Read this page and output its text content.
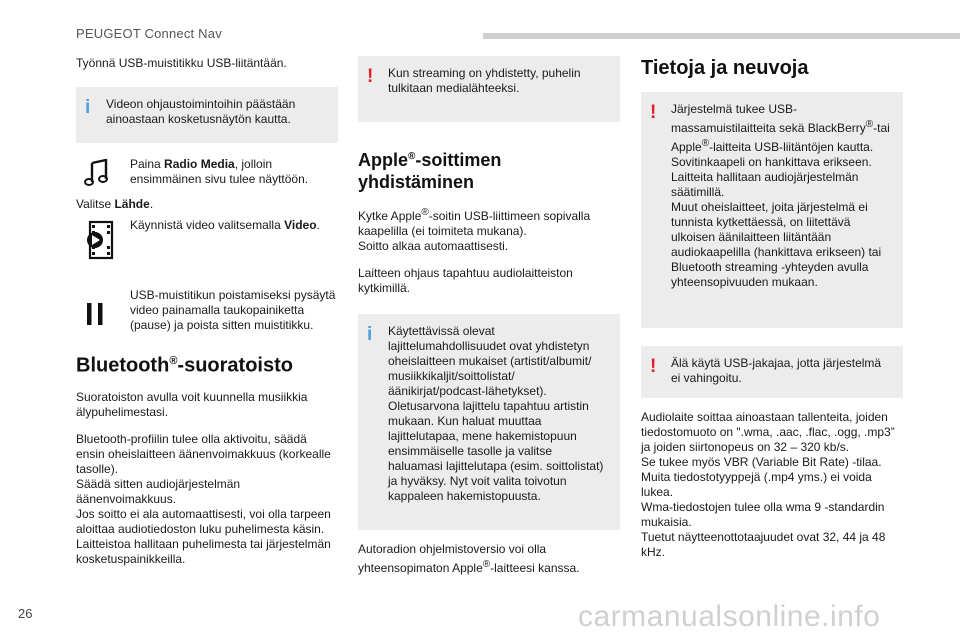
PEUGEOT Connect Nav

Työnnä USB-muistitikku USB-liitäntään.

i Videon ohjaustoimintoihin päästään ainoastaan kosketusnäytön kautta.

Paina Radio Media, jolloin ensimmäinen sivu tulee näyttöön.

Valitse Lähde.

Käynnistä video valitsemalla Video.

USB-muistitikun poistamiseksi pysäytä video painamalla taukopainiketta (pause) ja poista sitten muistitikku.

Bluetooth®-suoratoisto

Suoratoiston avulla voit kuunnella musiikkia älypuhelimestasi.

Bluetooth-profiilin tulee olla aktivoitu, säädä ensin oheislaitteen äänenvoimakkuus (korkealle tasolle).
Säädä sitten audiojärjestelmän äänenvoimakkuus.
Jos soitto ei ala automaattisesti, voi olla tarpeen aloittaa audiotiedoston luku puhelimesta käsin.
Laitteistoa hallitaan puhelimesta tai järjestelmän kosketuspainikkeilla.

! Kun streaming on yhdistetty, puhelin tulkitaan medialähteeksi.

Apple®-soittimen yhdistäminen

Kytke Apple®-soitin USB-liittimeen sopivalla kaapelilla (ei toimiteta mukana).
Soitto alkaa automaattisesti.

Laitteen ohjaus tapahtuu audiolaitteiston kytkimillä.

i Käytettävissä olevat lajittelumahdollisuudet ovat yhdistetyn oheislaitteen mukaiset (artistit/albumit/ musiikkikaljit/soittolistat/äänikirjat/podcast-lähetykset).
Oletusarvona lajittelu tapahtuu artistin mukaan. Kun haluat muuttaa lajittelutapaa, mene hakemistopuun ensimmäiselle tasolle ja valitse haluamasi lajittelutapa (esim. soittolistat) ja hyväksy. Nyt voit valita toivotun kappaleen hakemistopuusta.

Autoradion ohjelmistoversio voi olla yhteensopimaton Apple®-laitteesi kanssa.

Tietoja ja neuvoja
! Järjestelmä tukee USB-massamuistilaitteita sekä BlackBerry®-tai Apple®-laitteita USB-liitäntöjen kautta. Sovitinkaapeli on hankittava erikseen.
Laitteita hallitaan audiojärjestelmän säätimillä.
Muut oheislaitteet, joita järjestelmä ei tunnista kytkettäessä, on liitettävä ulkoisen äänilaitteen liitäntään audiokaapelilla (hankittava erikseen) tai Bluetooth streaming -yhteyden avulla yhteensopivuuden mukaan.

! Älä käytä USB-jakajaa, jotta järjestelmä ei vahingoitu.

Audiolaite soittaa ainoastaan tallenteita, joiden tiedostomuoto on ".wma, .aac, .flac, .ogg, .mp3” ja joiden siirtonopeus on 32 – 320 kb/s.
Se tukee myös VBR (Variable Bit Rate) -tilaa.
Muita tiedostotyyppejä (.mp4 yms.) ei voida lukea.
Wma-tiedostojen tulee olla wma 9 -standardin mukaisia.
Tuetut näytteenottotaajuudet ovat 32, 44 ja 48 kHz.

26	carmanualsonline.info
